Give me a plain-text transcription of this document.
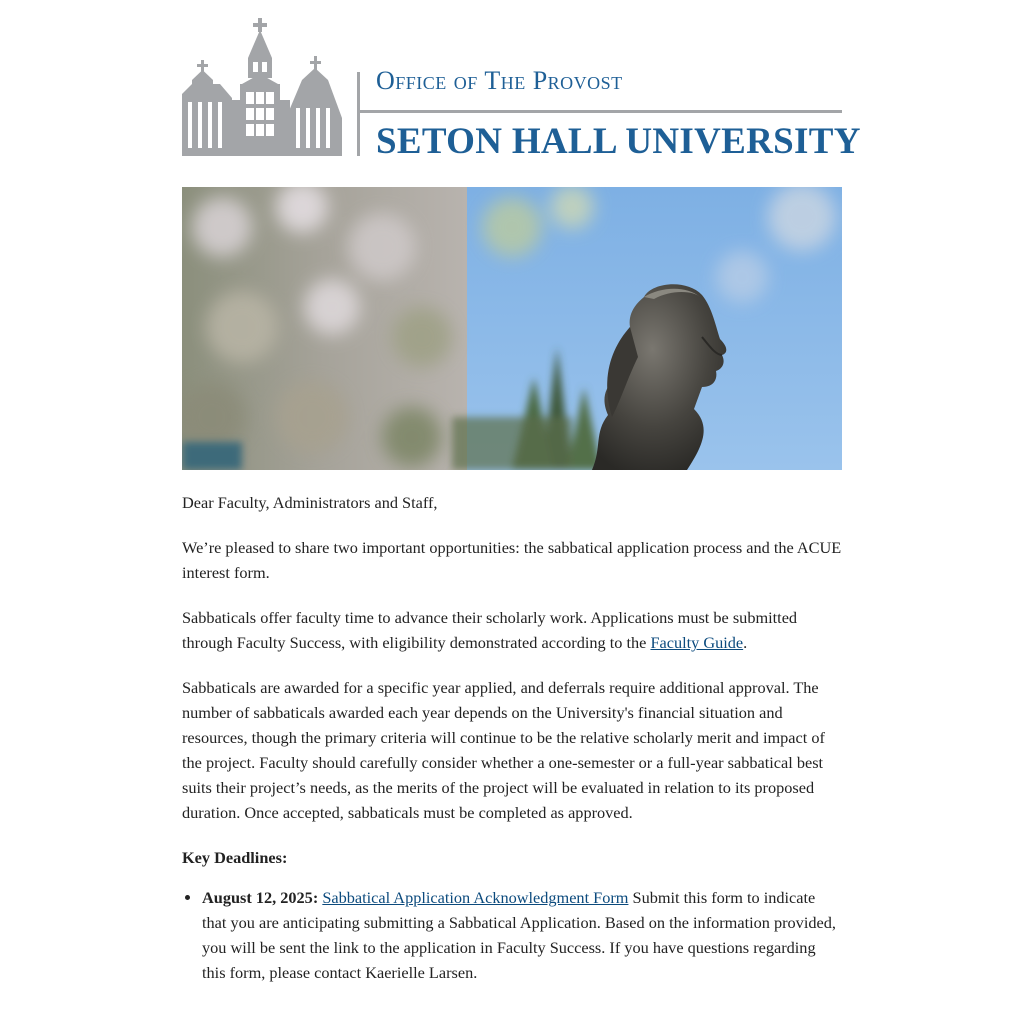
Office of The Provost
SETON HALL UNIVERSITY

Dear Faculty, Administrators and Staff,

We’re pleased to share two important opportunities: the sabbatical application process and the ACUE interest form.

Sabbaticals offer faculty time to advance their scholarly work. Applications must be submitted through Faculty Success, with eligibility demonstrated according to the Faculty Guide.

Sabbaticals are awarded for a specific year applied, and deferrals require additional approval. The number of sabbaticals awarded each year depends on the University's financial situation and resources, though the primary criteria will continue to be the relative scholarly merit and impact of the project. Faculty should carefully consider whether a one-semester or a full-year sabbatical best suits their project’s needs, as the merits of the project will be evaluated in relation to its proposed duration. Once accepted, sabbaticals must be completed as approved.

Key Deadlines:

• August 12, 2025: Sabbatical Application Acknowledgment Form Submit this form to indicate that you are anticipating submitting a Sabbatical Application. Based on the information provided, you will be sent the link to the application in Faculty Success. If you have questions regarding this form, please contact Kaerielle Larsen.
